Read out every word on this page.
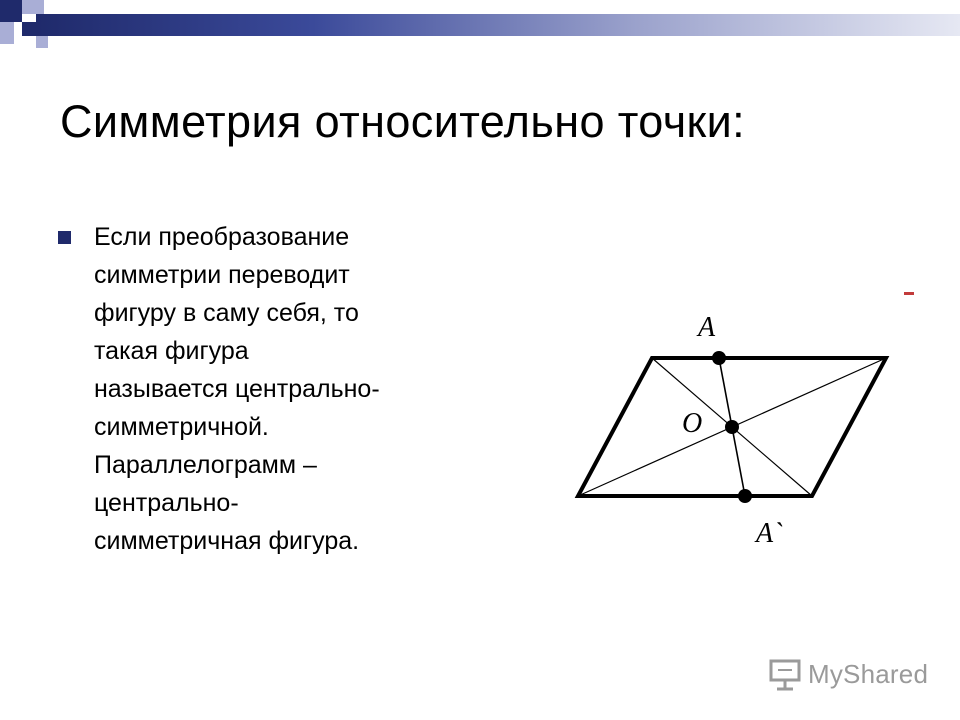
Симметрия относительно точки:
Если преобразование
симметрии переводит
фигуру в саму себя, то
такая фигура
называется центрально-
симметричной.
Параллелограмм –
центрально-
симметричная фигура.
A
O
A`
MyShared
